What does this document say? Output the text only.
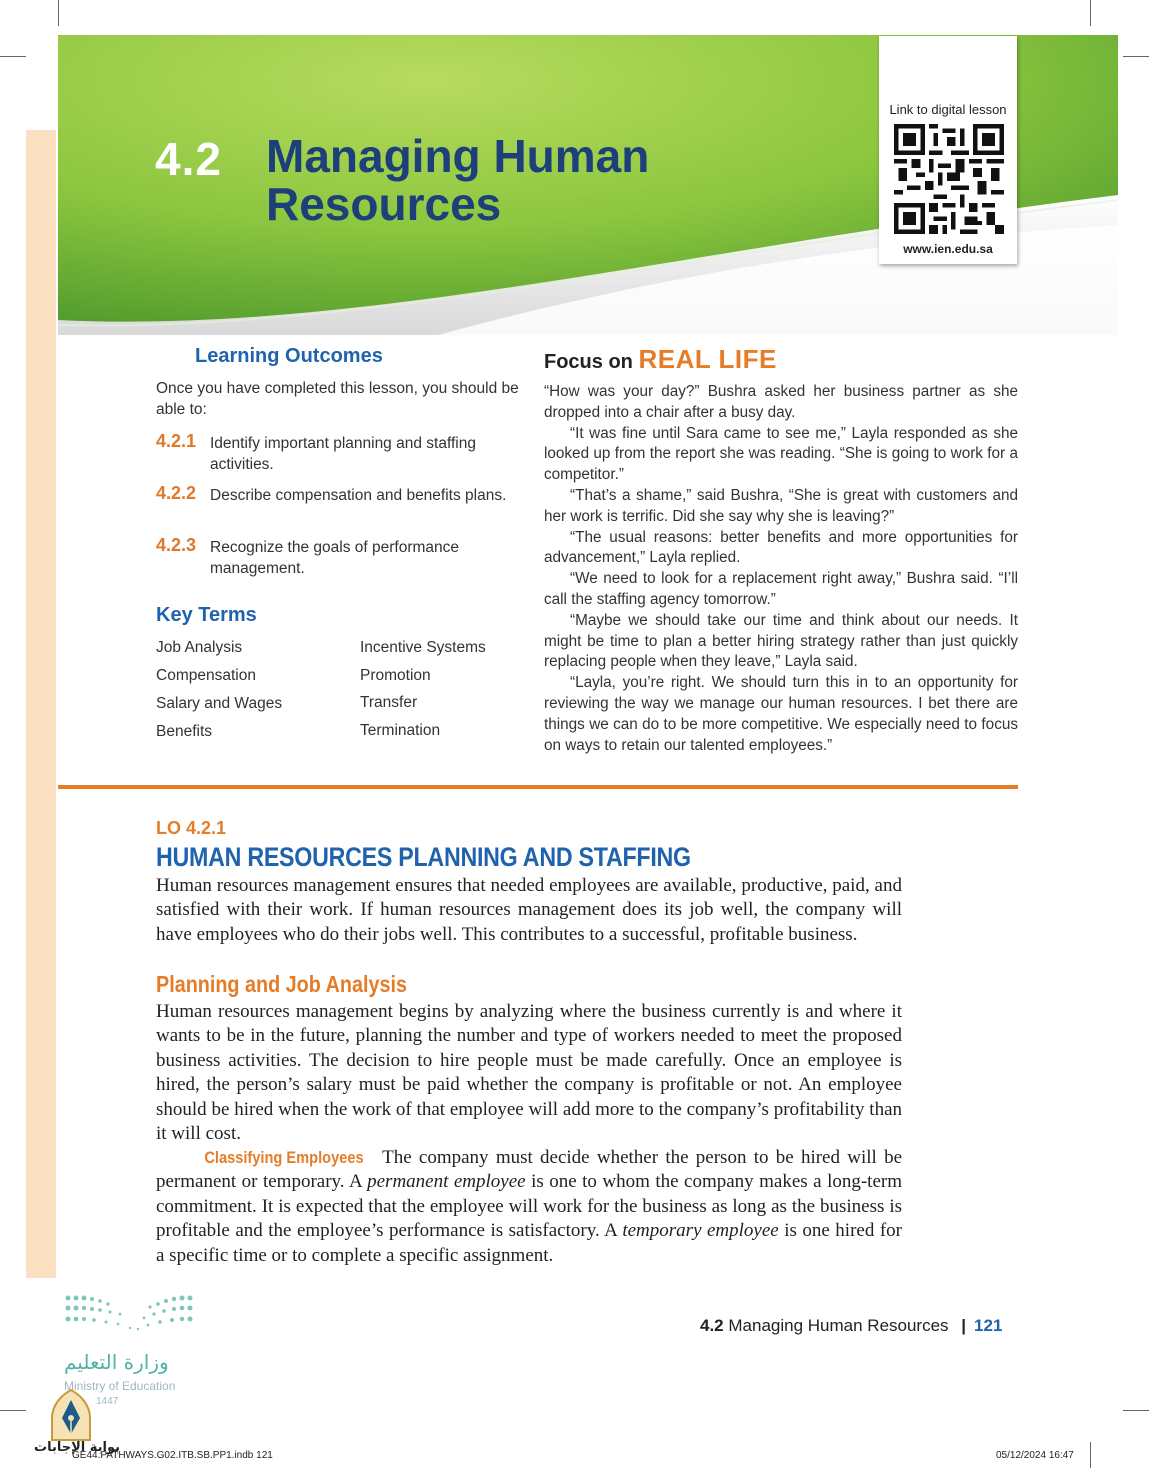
4.2 Managing Human Resources
Link to digital lesson
www.ien.edu.sa
Learning Outcomes
Once you have completed this lesson, you should be able to:
4.2.1 Identify important planning and staffing activities.
4.2.2 Describe compensation and benefits plans.
4.2.3 Recognize the goals of performance management.
Key Terms
Job Analysis
Compensation
Salary and Wages
Benefits
Incentive Systems
Promotion
Transfer
Termination
Focus on REAL LIFE

“How was your day?” Bushra asked her business partner as she dropped into a chair after a busy day.

“It was fine until Sara came to see me,” Layla responded as she looked up from the report she was reading. “She is going to work for a competitor.”

“That’s a shame,” said Bushra, “She is great with customers and her work is terrific. Did she say why she is leaving?”

“The usual reasons: better benefits and more opportunities for advancement,” Layla replied.

“We need to look for a replacement right away,” Bushra said. “I’ll call the staffing agency tomorrow.”

“Maybe we should take our time and think about our needs. It might be time to plan a better hiring strategy rather than just quickly replacing people when they leave,” Layla said.

“Layla, you’re right. We should turn this in to an opportunity for reviewing the way we manage our human resources. I bet there are things we can do to be more competitive. We especially need to focus on ways to retain our talented employees.”

LO 4.2.1
HUMAN RESOURCES PLANNING AND STAFFING
Human resources management ensures that needed employees are available, productive, paid, and satisfied with their work. If human resources management does its job well, the company will have employees who do their jobs well. This contributes to a successful, profitable business.
Planning and Job Analysis
Human resources management begins by analyzing where the business currently is and where it wants to be in the future, planning the number and type of workers needed to meet the proposed business activities. The decision to hire people must be made carefully. Once an employee is hired, the person’s salary must be paid whether the company is profitable or not. An employee should be hired when the work of that employee will add more to the company’s profitability than it will cost.
Classifying Employees The company must decide whether the person to be hired will be permanent or temporary. A permanent employee is one to whom the company makes a long-term commitment. It is expected that the employee will work for the business as long as the business is profitable and the employee’s performance is satisfactory. A temporary employee is one hired for a specific time or to complete a specific assignment.
4.2 Managing Human Resources | 121
وزارة التعليم
Ministry of Education
1447
بوابة الإجابات
GE44.PATHWAYS.G02.ITB.SB.PP1.indb 121	05/12/2024 16:47
